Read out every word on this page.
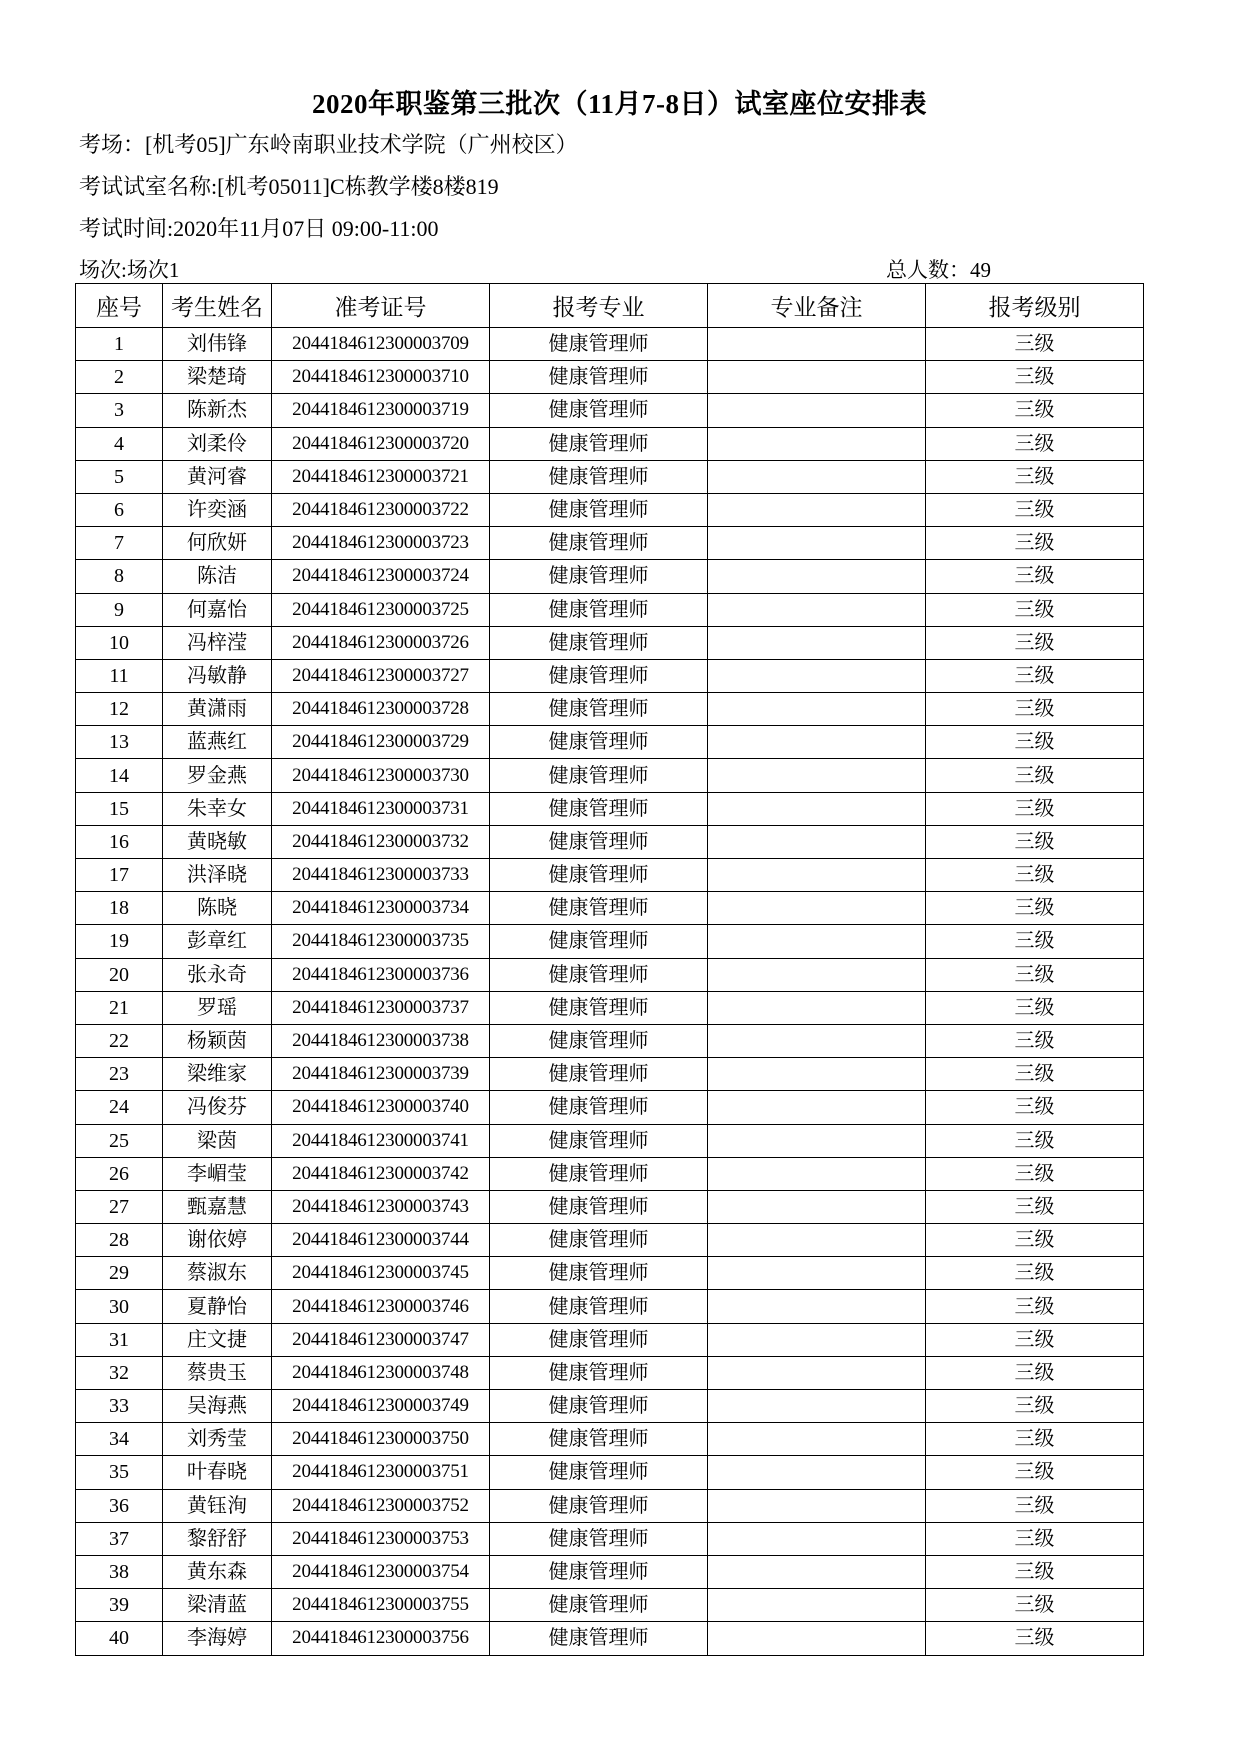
2020年职鉴第三批次（11月7-8日）试室座位安排表
考场：[机考05]广东岭南职业技术学院（广州校区）
考试试室名称:[机考05011]C栋教学楼8楼819
考试时间:2020年11月07日 09:00-11:00
场次:场次1	总人数：49
座号	考生姓名	准考证号	报考专业	专业备注	报考级别
1	刘伟锋	2044184612300003709	健康管理师		三级
2	梁楚琦	2044184612300003710	健康管理师		三级
3	陈新杰	2044184612300003719	健康管理师		三级
4	刘柔伶	2044184612300003720	健康管理师		三级
5	黄河睿	2044184612300003721	健康管理师		三级
6	许奕涵	2044184612300003722	健康管理师		三级
7	何欣妍	2044184612300003723	健康管理师		三级
8	陈洁	2044184612300003724	健康管理师		三级
9	何嘉怡	2044184612300003725	健康管理师		三级
10	冯梓滢	2044184612300003726	健康管理师		三级
11	冯敏静	2044184612300003727	健康管理师		三级
12	黄潇雨	2044184612300003728	健康管理师		三级
13	蓝燕红	2044184612300003729	健康管理师		三级
14	罗金燕	2044184612300003730	健康管理师		三级
15	朱幸女	2044184612300003731	健康管理师		三级
16	黄晓敏	2044184612300003732	健康管理师		三级
17	洪泽晓	2044184612300003733	健康管理师		三级
18	陈晓	2044184612300003734	健康管理师		三级
19	彭章红	2044184612300003735	健康管理师		三级
20	张永奇	2044184612300003736	健康管理师		三级
21	罗瑶	2044184612300003737	健康管理师		三级
22	杨颖茵	2044184612300003738	健康管理师		三级
23	梁维家	2044184612300003739	健康管理师		三级
24	冯俊芬	2044184612300003740	健康管理师		三级
25	梁茵	2044184612300003741	健康管理师		三级
26	李嵋莹	2044184612300003742	健康管理师		三级
27	甄嘉慧	2044184612300003743	健康管理师		三级
28	谢依婷	2044184612300003744	健康管理师		三级
29	蔡淑东	2044184612300003745	健康管理师		三级
30	夏静怡	2044184612300003746	健康管理师		三级
31	庄文捷	2044184612300003747	健康管理师		三级
32	蔡贵玉	2044184612300003748	健康管理师		三级
33	吴海燕	2044184612300003749	健康管理师		三级
34	刘秀莹	2044184612300003750	健康管理师		三级
35	叶春晓	2044184612300003751	健康管理师		三级
36	黄钰洵	2044184612300003752	健康管理师		三级
37	黎舒舒	2044184612300003753	健康管理师		三级
38	黄东森	2044184612300003754	健康管理师		三级
39	梁清蓝	2044184612300003755	健康管理师		三级
40	李海婷	2044184612300003756	健康管理师		三级
